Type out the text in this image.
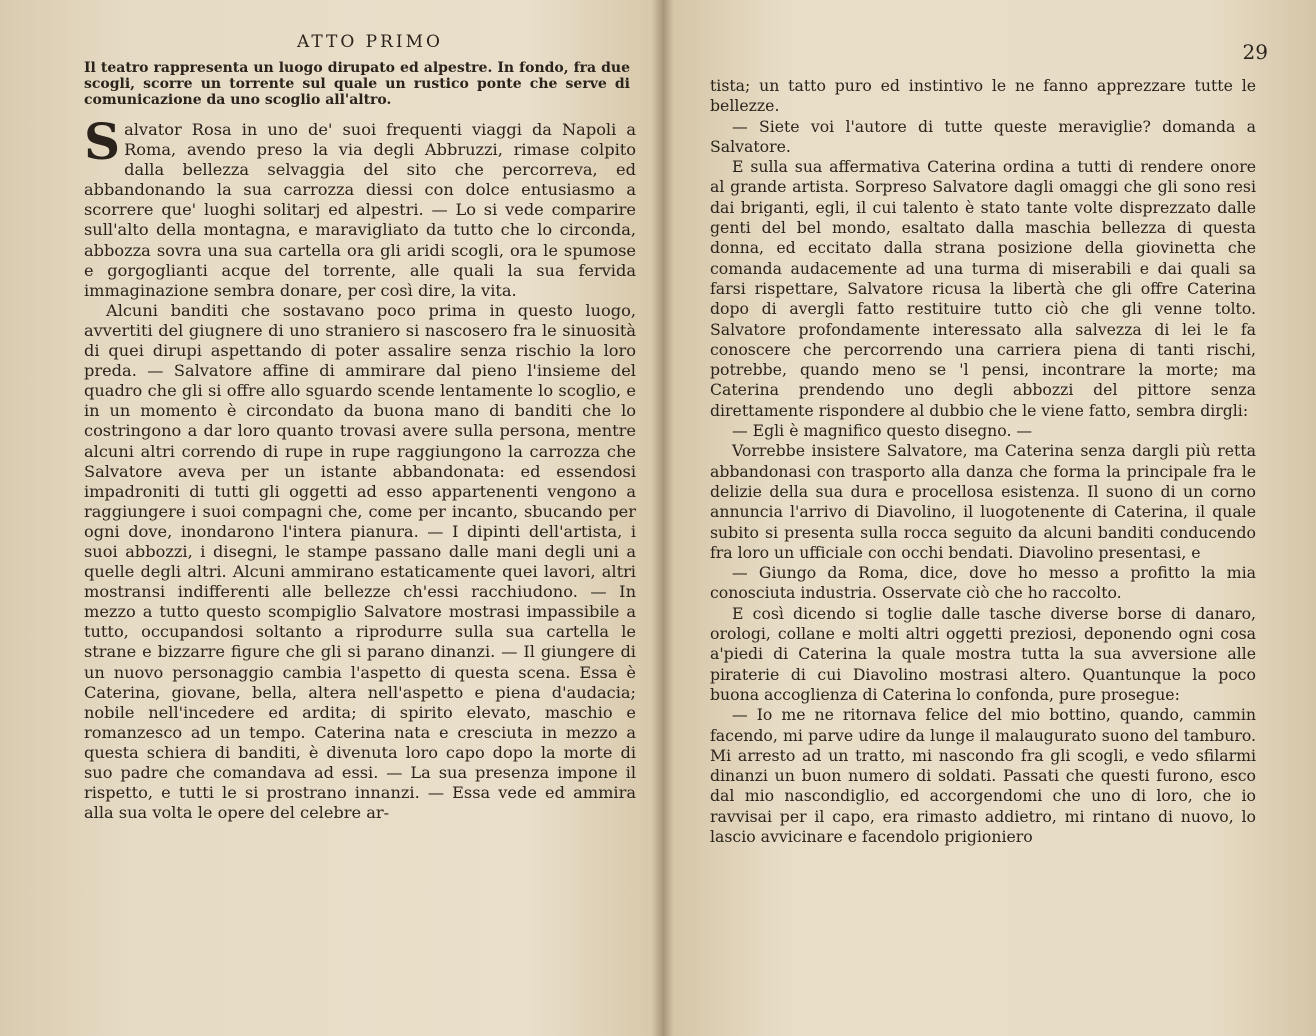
ATTO PRIMO
Il teatro rappresenta un luogo dirupato ed alpestre. In fondo, fra due scogli, scorre un torrente sul quale un rustico ponte che serve di comunicazione da uno scoglio all'altro.

Salvator Rosa in uno de' suoi frequenti viaggi da Napoli a Roma, avendo preso la via degli Abbruzzi, rimase colpito dalla bellezza selvaggia del sito che percorreva, ed abbandonando la sua carrozza diessi con dolce entusiasmo a scorrere que' luoghi solitarj ed alpestri. — Lo si vede comparire sull'alto della montagna, e maravigliato da tutto che lo circonda, abbozza sovra una sua cartella ora gli aridi scogli, ora le spumose e gorgoglianti acque del torrente, alle quali la sua fervida immaginazione sembra donare, per così dire, la vita.

Alcuni banditi che sostavano poco prima in questo luogo, avvertiti del giugnere di uno straniero si nascosero fra le sinuosità di quei dirupi aspettando di poter assalire senza rischio la loro preda. — Salvatore affine di ammirare dal pieno l'insieme del quadro che gli si offre allo sguardo scende lentamente lo scoglio, e in un momento è circondato da buona mano di banditi che lo costringono a dar loro quanto trovasi avere sulla persona, mentre alcuni altri correndo di rupe in rupe raggiungono la carrozza che Salvatore aveva per un istante abbandonata: ed essendosi impadroniti di tutti gli oggetti ad esso appartenenti vengono a raggiungere i suoi compagni che, come per incanto, sbucando per ogni dove, inondarono l'intera pianura. — I dipinti dell'artista, i suoi abbozzi, i disegni, le stampe passano dalle mani degli uni a quelle degli altri. Alcuni ammirano estaticamente quei lavori, altri mostransi indifferenti alle bellezze ch'essi racchiudono. — In mezzo a tutto questo scompiglio Salvatore mostrasi impassibile a tutto, occupandosi soltanto a riprodurre sulla sua cartella le strane e bizzarre figure che gli si parano dinanzi. — Il giungere di un nuovo personaggio cambia l'aspetto di questa scena. Essa è Caterina, giovane, bella, altera nell'aspetto e piena d'audacia; nobile nell'incedere ed ardita; di spirito elevato, maschio e romanzesco ad un tempo. Caterina nata e cresciuta in mezzo a questa schiera di banditi, è divenuta loro capo dopo la morte di suo padre che comandava ad essi. — La sua presenza impone il rispetto, e tutti le si prostrano innanzi. — Essa vede ed ammira alla sua volta le opere del celebre ar-

29

tista; un tatto puro ed instintivo le ne fanno apprezzare tutte le bellezze.

— Siete voi l'autore di tutte queste meraviglie? domanda a Salvatore.

E sulla sua affermativa Caterina ordina a tutti di rendere onore al grande artista. Sorpreso Salvatore dagli omaggi che gli sono resi dai briganti, egli, il cui talento è stato tante volte disprezzato dalle genti del bel mondo, esaltato dalla maschia bellezza di questa donna, ed eccitato dalla strana posizione della giovinetta che comanda audacemente ad una turma di miserabili e dai quali sa farsi rispettare, Salvatore ricusa la libertà che gli offre Caterina dopo di avergli fatto restituire tutto ciò che gli venne tolto. Salvatore profondamente interessato alla salvezza di lei le fa conoscere che percorrendo una carriera piena di tanti rischi, potrebbe, quando meno se 'l pensi, incontrare la morte; ma Caterina prendendo uno degli abbozzi del pittore senza direttamente rispondere al dubbio che le viene fatto, sembra dirgli:

— Egli è magnifico questo disegno. —

Vorrebbe insistere Salvatore, ma Caterina senza dargli più retta abbandonasi con trasporto alla danza che forma la principale fra le delizie della sua dura e procellosa esistenza. Il suono di un corno annuncia l'arrivo di Diavolino, il luogotenente di Caterina, il quale subito si presenta sulla rocca seguito da alcuni banditi conducendo fra loro un ufficiale con occhi bendati. Diavolino presentasi, e

— Giungo da Roma, dice, dove ho messo a profitto la mia conosciuta industria. Osservate ciò che ho raccolto.

E così dicendo si toglie dalle tasche diverse borse di danaro, orologi, collane e molti altri oggetti preziosi, deponendo ogni cosa a'piedi di Caterina la quale mostra tutta la sua avversione alle piraterie di cui Diavolino mostrasi altero. Quantunque la poco buona accoglienza di Caterina lo confonda, pure prosegue:

— Io me ne ritornava felice del mio bottino, quando, cammin facendo, mi parve udire da lunge il malaugurato suono del tamburo. Mi arresto ad un tratto, mi nascondo fra gli scogli, e vedo sfilarmi dinanzi un buon numero di soldati. Passati che questi furono, esco dal mio nascondiglio, ed accorgendomi che uno di loro, che io ravvisai per il capo, era rimasto addietro, mi rintano di nuovo, lo lascio avvicinare e facendolo prigioniero
